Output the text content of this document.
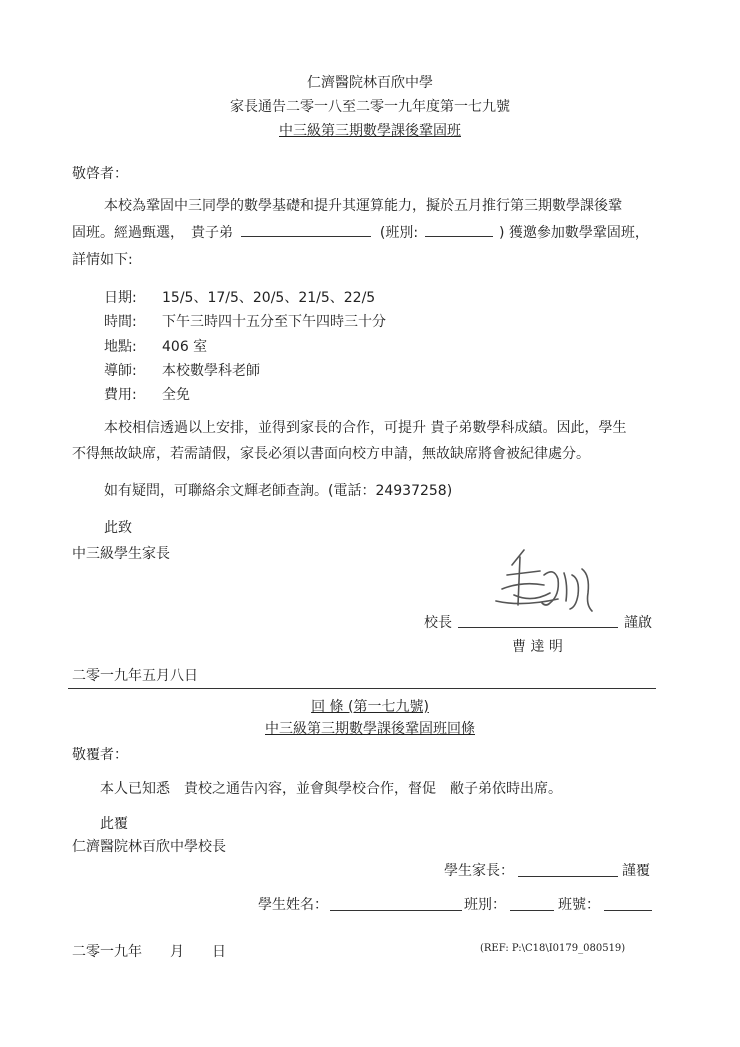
仁濟醫院林百欣中學
家長通告二零一八至二零一九年度第一七九號
中三級第三期數學課後鞏固班
敬啓者：
本校為鞏固中三同學的數學基礎和提升其運算能力，擬於五月推行第三期數學課後鞏
固班。經過甄選，　貴子弟	(班別:	) 獲邀參加數學鞏固班，
詳情如下:
日期: 15/5、17/5、20/5、21/5、22/5
時間: 下午三時四十五分至下午四時三十分
地點: 406 室
導師: 本校數學科老師
費用: 全免
本校相信透過以上安排，並得到家長的合作，可提升 貴子弟數學科成績。因此，學生
不得無故缺席，若需請假，家長必須以書面向校方申請，無故缺席將會被紀律處分。
如有疑問，可聯絡余文輝老師查詢。(電話：24937258)
此致
中三級學生家長
校長	謹啟
曹 達 明
二零一九年五月八日
回 條 (第一七九號)
中三級第三期數學課後鞏固班回條
敬覆者：
本人已知悉　貴校之通告內容，並會與學校合作，督促　敝子弟依時出席。
此覆
仁濟醫院林百欣中學校長
學生家長：	謹覆
學生姓名：	班別：	班號：
二零一九年　　月　　日	(REF: P:\C18\I0179_080519)
